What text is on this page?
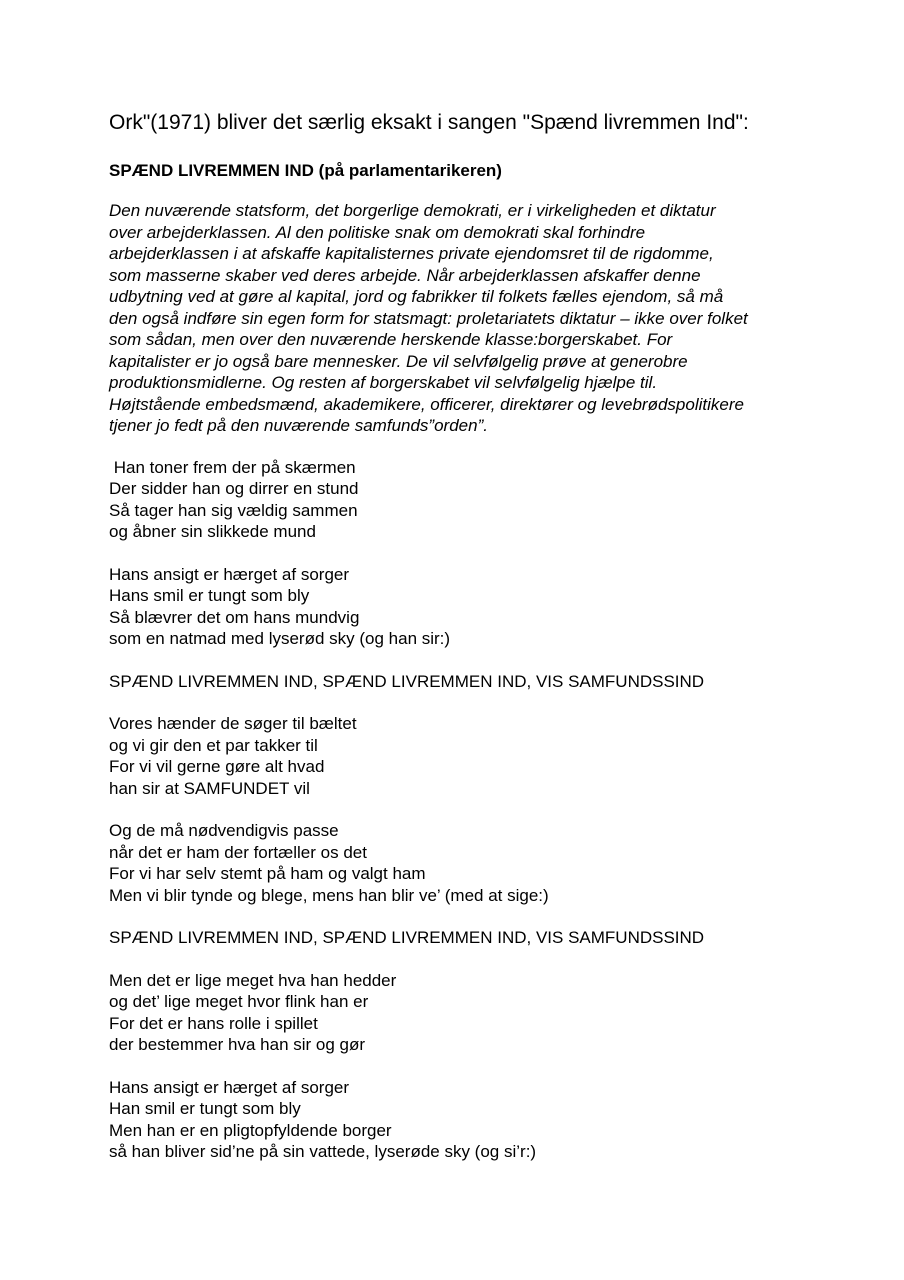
Ork"(1971) bliver det særlig eksakt i sangen "Spænd livremmen Ind":
SPÆND LIVREMMEN IND (på parlamentarikeren)
Den nuværende statsform, det borgerlige demokrati, er i virkeligheden et diktatur
over arbejderklassen. Al den politiske snak om demokrati skal forhindre
arbejderklassen i at afskaffe kapitalisternes private ejendomsret til de rigdomme,
som masserne skaber ved deres arbejde. Når arbejderklassen afskaffer denne
udbytning ved at gøre al kapital, jord og fabrikker til folkets fælles ejendom, så må
den også indføre sin egen form for statsmagt: proletariatets diktatur – ikke over folket
som sådan, men over den nuværende herskende klasse:borgerskabet. For
kapitalister er jo også bare mennesker. De vil selvfølgelig prøve at generobre
produktionsmidlerne. Og resten af borgerskabet vil selvfølgelig hjælpe til.
Højtstående embedsmænd, akademikere, officerer, direktører og levebrødspolitikere
tjener jo fedt på den nuværende samfunds”orden”.
Han toner frem der på skærmen
Der sidder han og dirrer en stund
Så tager han sig vældig sammen
og åbner sin slikkede mund
Hans ansigt er hærget af sorger
Hans smil er tungt som bly
Så blævrer det om hans mundvig
som en natmad med lyserød sky (og han sir:)
SPÆND LIVREMMEN IND, SPÆND LIVREMMEN IND, VIS SAMFUNDSSIND
Vores hænder de søger til bæltet
og vi gir den et par takker til
For vi vil gerne gøre alt hvad
han sir at SAMFUNDET vil
Og de må nødvendigvis passe
når det er ham der fortæller os det
For vi har selv stemt på ham og valgt ham
Men vi blir tynde og blege, mens han blir ve’ (med at sige:)
SPÆND LIVREMMEN IND, SPÆND LIVREMMEN IND, VIS SAMFUNDSSIND
Men det er lige meget hva han hedder
og det’ lige meget hvor flink han er
For det er hans rolle i spillet
der bestemmer hva han sir og gør
Hans ansigt er hærget af sorger
Han smil er tungt som bly
Men han er en pligtopfyldende borger
så han bliver sid’ne på sin vattede, lyserøde sky (og si’r:)
